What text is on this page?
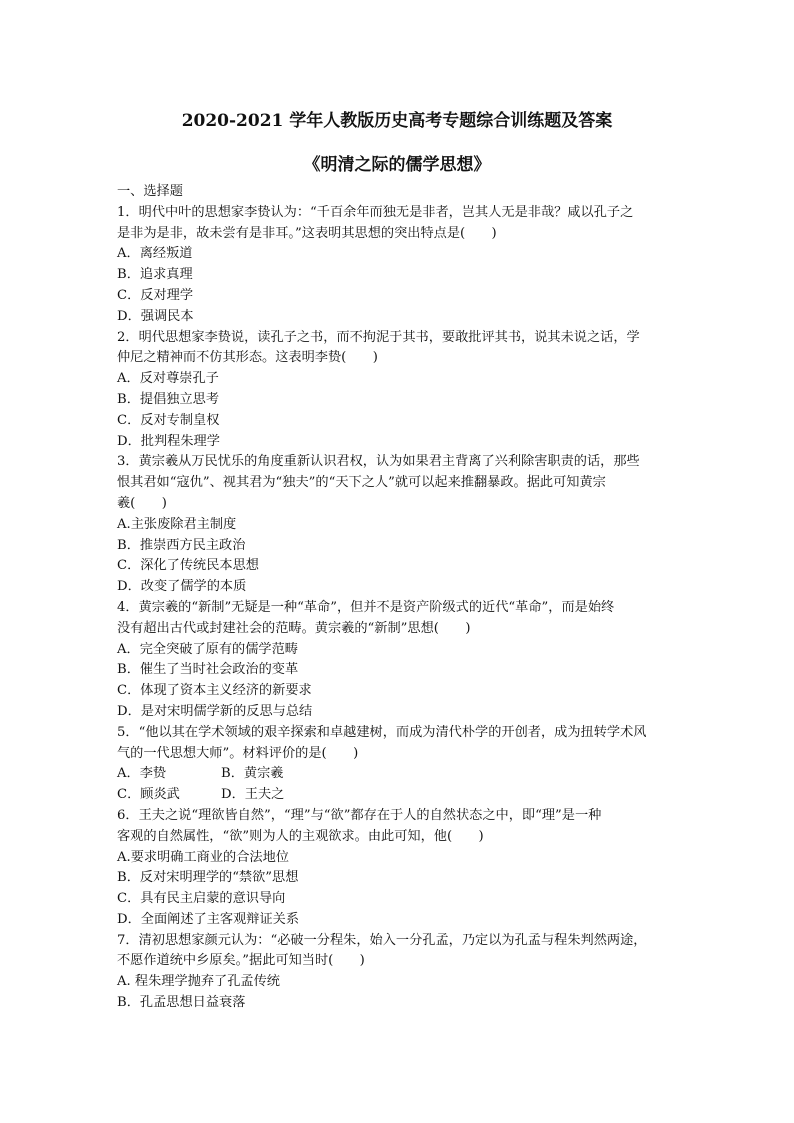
2020-2021 学年人教版历史高考专题综合训练题及答案
《明清之际的儒学思想》
一、选择题
1．明代中叶的思想家李贽认为：“千百余年而独无是非者，岂其人无是非哉？咸以孔子之
是非为是非，故未尝有是非耳。”这表明其思想的突出特点是(　　)
A．离经叛道
B．追求真理
C．反对理学
D．强调民本
2．明代思想家李贽说，读孔子之书，而不拘泥于其书，要敢批评其书，说其未说之话，学
仲尼之精神而不仿其形态。这表明李贽(　　)
A．反对尊崇孔子
B．提倡独立思考
C．反对专制皇权
D．批判程朱理学
3．黄宗羲从万民忧乐的角度重新认识君权，认为如果君主背离了兴利除害职责的话，那些
恨其君如“寇仇”、视其君为“独夫”的“天下之人”就可以起来推翻暴政。据此可知黄宗
羲(　　)
A.主张废除君主制度
B．推崇西方民主政治
C．深化了传统民本思想
D．改变了儒学的本质
4．黄宗羲的“新制”无疑是一种“革命”，但并不是资产阶级式的近代“革命”，而是始终
没有超出古代或封建社会的范畴。黄宗羲的“新制”思想(　　)
A．完全突破了原有的儒学范畴
B．催生了当时社会政治的变革
C．体现了资本主义经济的新要求
D．是对宋明儒学新的反思与总结
5．“他以其在学术领域的艰辛探索和卓越建树，而成为清代朴学的开创者，成为扭转学术风
气的一代思想大师”。材料评价的是(　　)
A．李贽	B．黄宗羲
C．顾炎武	D．王夫之
6．王夫之说“理欲皆自然”，“理”与“欲”都存在于人的自然状态之中，即“理”是一种
客观的自然属性，“欲”则为人的主观欲求。由此可知，他(　　)
A.要求明确工商业的合法地位
B．反对宋明理学的“禁欲”思想
C．具有民主启蒙的意识导向
D．全面阐述了主客观辩证关系
7．清初思想家颜元认为：“必破一分程朱，始入一分孔孟，乃定以为孔孟与程朱判然两途，
不愿作道统中乡原矣。”据此可知当时(　　)
A. 程朱理学抛弃了孔孟传统
B．孔孟思想日益衰落
